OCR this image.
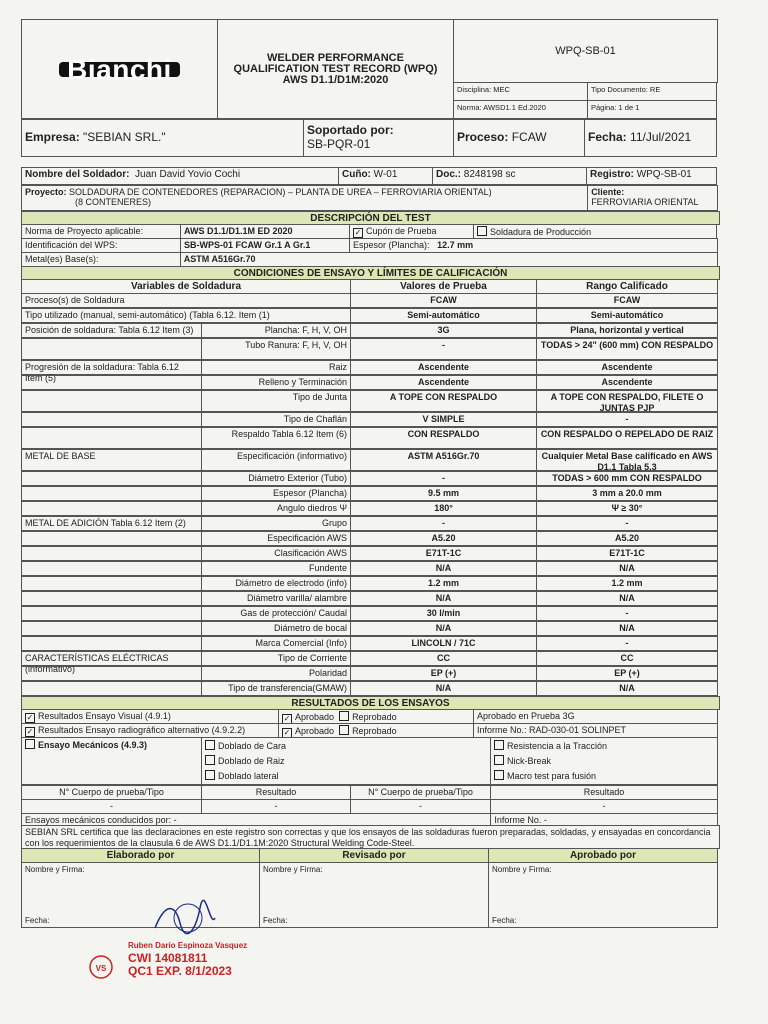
Bianchi	WELDER PERFORMANCE
QUALIFICATION TEST RECORD (WPQ)
AWS D1.1/D1M:2020
WPQ-SB-01
Disciplina: MEC	Tipo Documento: RE
Norma: AWSD1.1 Ed.2020	Página: 1 de 1
Empresa: "SEBIAN SRL."	Soportado por:
SB-PQR-01	Proceso: FCAW	Fecha: 11/Jul/2021
Nombre del Soldador: Juan David Yovio Cochi	Cuño: W-01	Doc.: 8248198 sc	Registro: WPQ-SB-01
Proyecto: SOLDADURA DE CONTENEDORES (REPARACION) – PLANTA DE UREA – FERROVIARIA ORIENTAL)
(8 CONTENERES)
Cliente:
FERROVIARIA ORIENTAL
DESCRIPCIÓN DEL TEST
Norma de Proyecto aplicable:	AWS D1.1/D1.1M ED 2020	✓ Cupón de Prueba	Soldadura de Producción
Identificación del WPS:	SB-WPS-01 FCAW Gr.1 A Gr.1	Espesor (Plancha): 12.7 mm
Metal(es) Base(s):	ASTM A516Gr.70
CONDICIONES DE ENSAYO Y LÍMITES DE CALIFICACIÓN
Variables de Soldadura	Valores de Prueba	Rango Calificado
Proceso(s) de Soldadura	FCAW	FCAW
Tipo utilizado (manual, semi-automático) (Tabla 6.12. Item (1)	Semi-automático	Semi-automático
Posición de soldadura: Tabla 6.12 Item (3)	Plancha: F, H, V, OH	3G	Plana, horizontal y vertical
Tubo Ranura: F, H, V, OH	-	TODAS > 24" (600 mm) CON RESPALDO
Progresión de la soldadura: Tabla 6.12 Item (5)
Raiz	Ascendente	Ascendente
Relleno y Terminación	Ascendente	Ascendente
Tipo de Junta	A TOPE CON RESPALDO	A TOPE CON RESPALDO, FILETE O JUNTAS PJP
Tipo de Chaflán	V SIMPLE	-
Respaldo Tabla 6.12 Item (6)	CON RESPALDO	CON RESPALDO O REPELADO DE RAIZ
METAL DE BASE	Especificación (informativo)	ASTM A516Gr.70	Cualquier Metal Base calificado en AWS D1.1 Tabla 5.3
Diámetro Exterior (Tubo)	-	TODAS > 600 mm CON RESPALDO
Espesor (Plancha)	9.5 mm	3 mm a 20.0 mm
Angulo diedros Ψ	180°	Ψ ≥ 30°
METAL DE ADICIÓN Tabla 6.12 Item (2)	Grupo	-	-
Especificación AWS	A5.20	A5.20
Clasificación AWS	E71T-1C	E71T-1C
Fundente	N/A	N/A
Diámetro de electrodo (info)	1.2 mm	1.2 mm
Diámetro varilla/ alambre	N/A	N/A
Gas de protección/ Caudal	30 l/min	-
Diámetro de bocal	N/A	N/A
Marca Comercial (Info)	LINCOLN / 71C	-
CARACTERÍSTICAS ELÉCTRICAS (informativo)
Tipo de Corriente	CC	CC
Polaridad	EP (+)	EP (+)
Tipo de transferencia(GMAW)	N/A	N/A
RESULTADOS DE LOS ENSAYOS
✓ Resultados Ensayo Visual (4.9.1)	✓ Aprobado Reprobado	Aprobado en Prueba 3G
✓ Resultados Ensayo radiográfico alternativo (4.9.2.2)	✓ Aprobado Reprobado	Informe No.: RAD-030-01 SOLINPET
Ensayo Mecánicos (4.9.3)	Doblado de Cara
Doblado de Raiz
Doblado lateral
Resistencia a la Tracción
Nick-Break
Macro test para fusión
N° Cuerpo de prueba/Tipo	Resultado	N° Cuerpo de prueba/Tipo	Resultado
-	-	-	-
Ensayos mecánicos conducidos por: -	Informe No. -
SEBIAN SRL certifica que las declaraciones en este registro son correctas y que los ensayos de las soldaduras fueron preparadas, soldadas, y ensayadas en concordancia con los requerimientos de la clausula 6 de AWS D1.1/D1.1M:2020 Structural Welding Code-Steel.
Elaborado por	Revisado por	Aprobado por
Nombre y Firma:
Fecha:
Nombre y Firma:
Fecha:
Nombre y Firma:
Fecha:
VS
Ruben Dario Espinoza Vasquez
CWI 14081811
QC1 EXP. 8/1/2023
